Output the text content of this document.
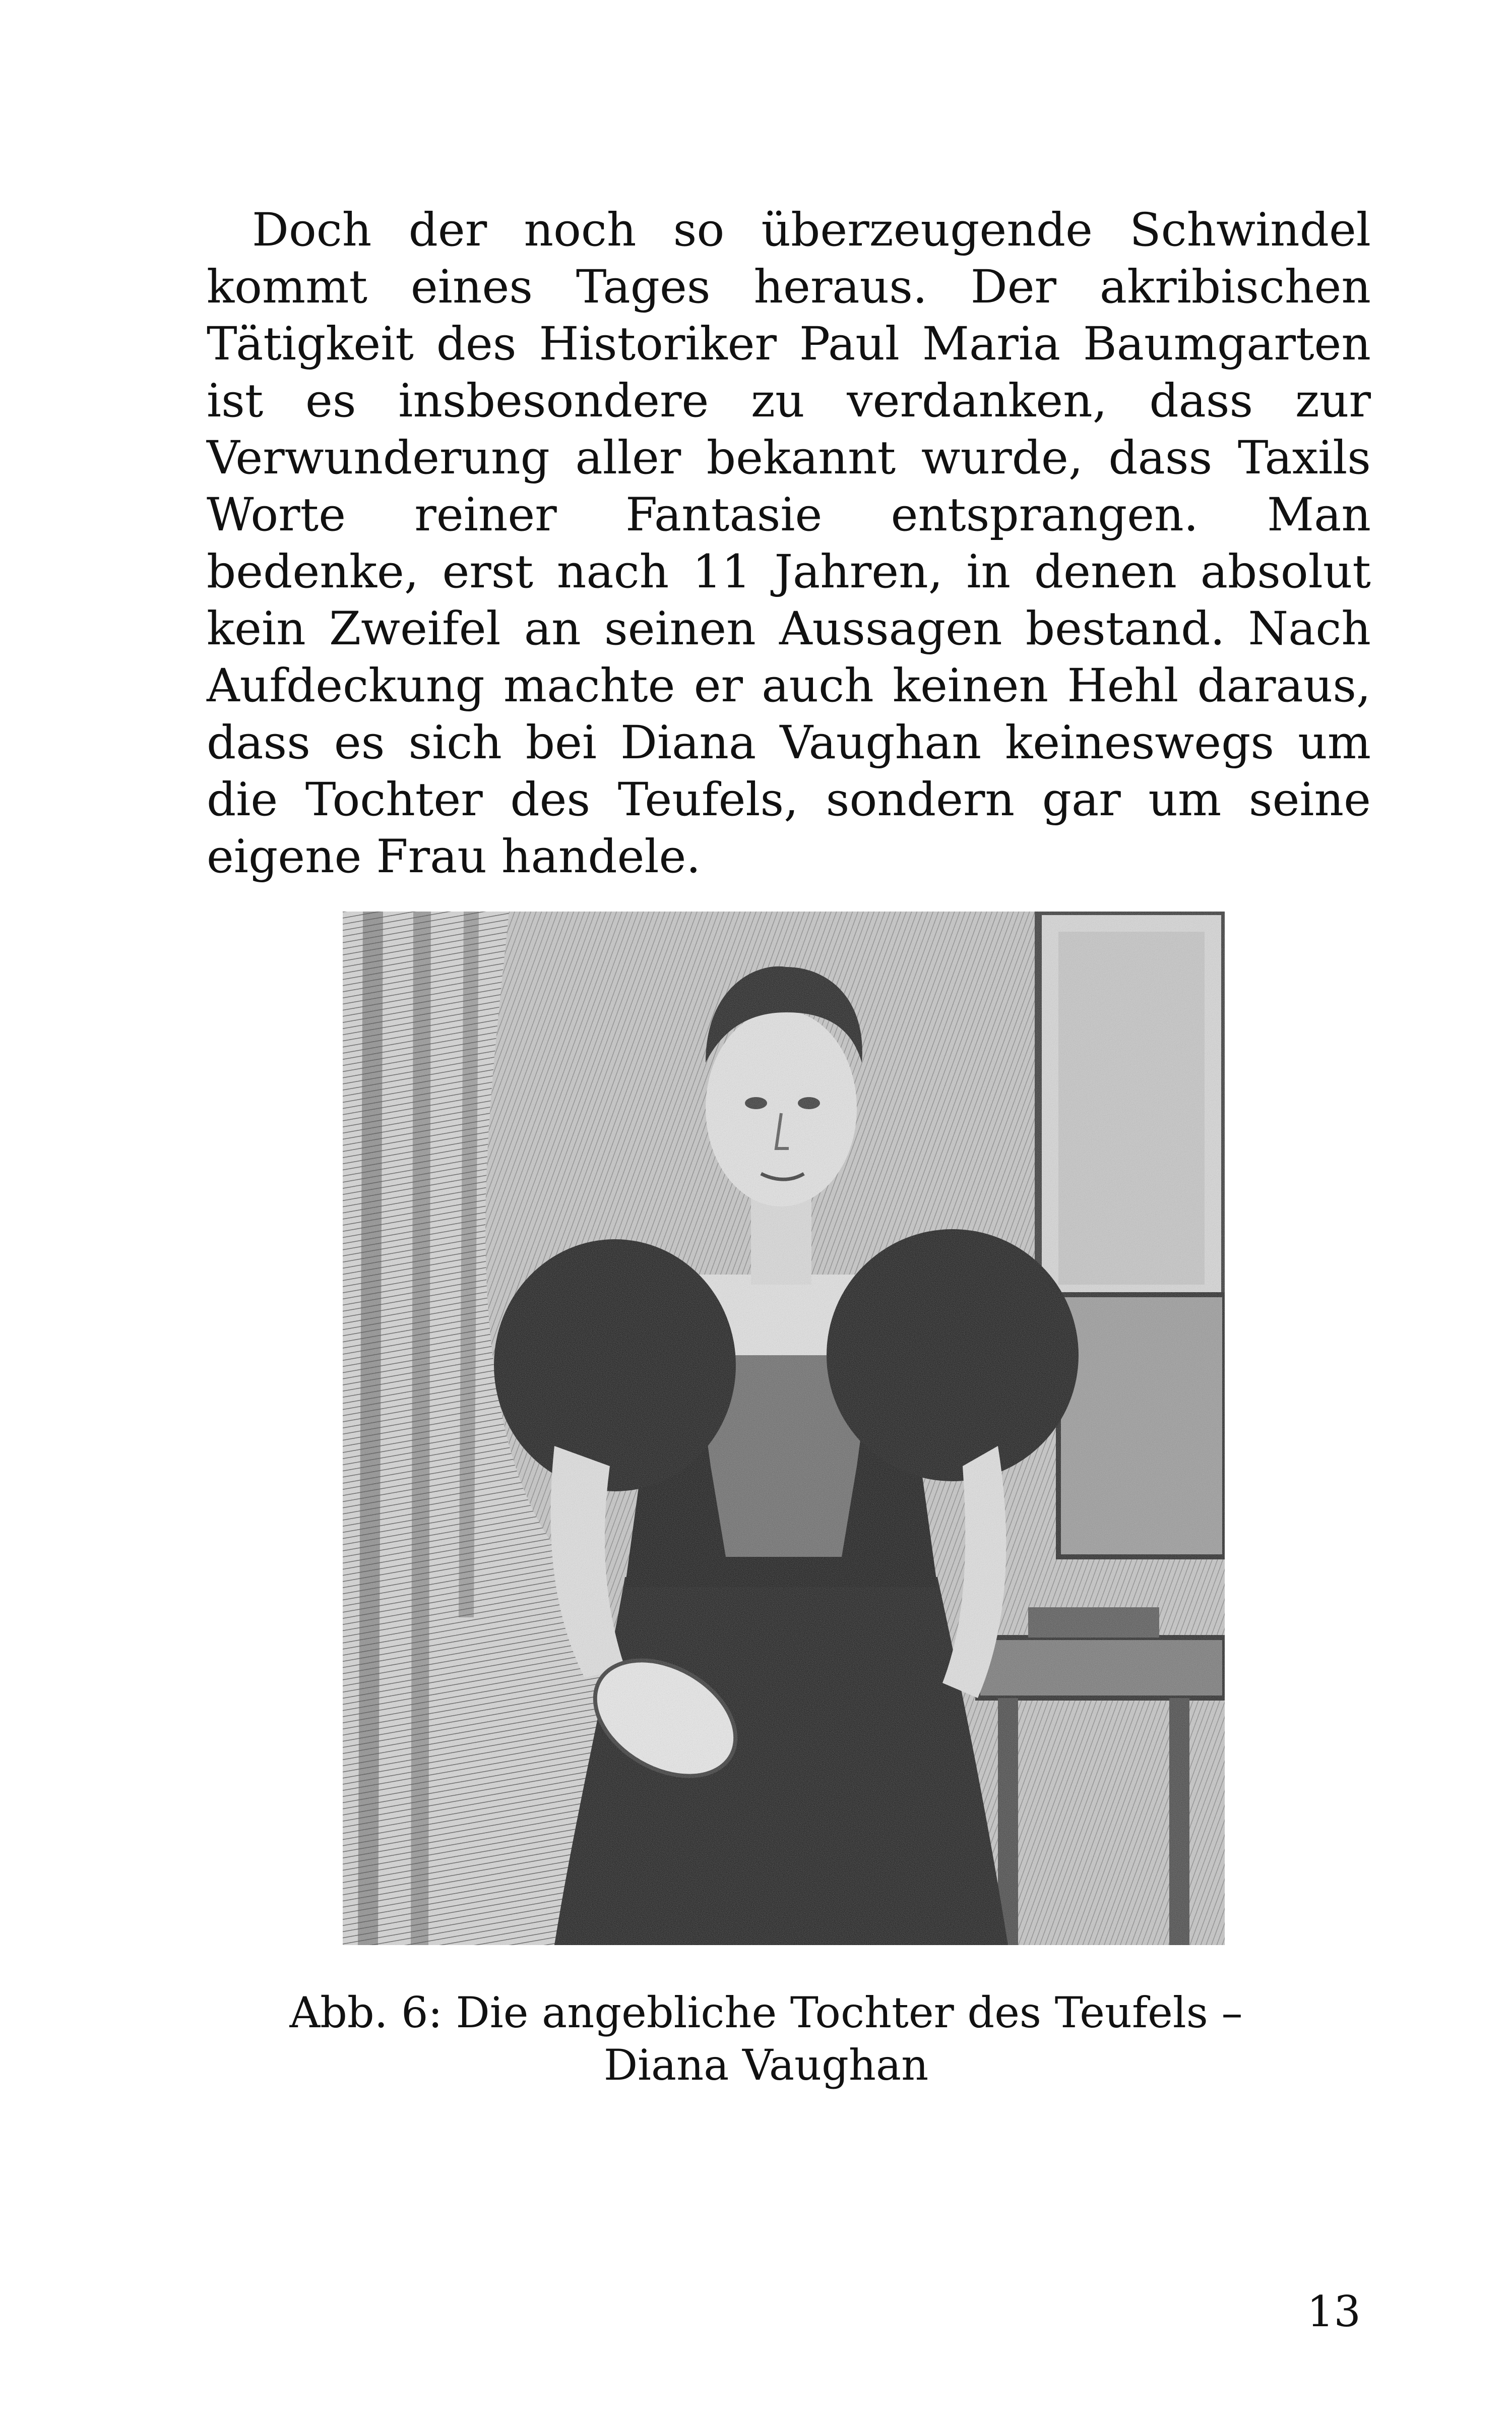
Doch der noch so überzeugende Schwindel kommt eines Tages heraus. Der akribischen Tätigkeit des Historiker Paul Maria Baumgarten ist es insbesondere zu verdanken, dass zur Verwunderung aller bekannt wurde, dass Taxils Worte reiner Fantasie entsprangen. Man bedenke, erst nach 11 Jahren, in denen absolut kein Zweifel an seinen Aussagen bestand. Nach Aufdeckung machte er auch keinen Hehl daraus, dass es sich bei Diana Vaughan keineswegs um die Tochter des Teufels, sondern gar um seine eigene Frau handele.

Abb. 6: Die angebliche Tochter des Teufels –
Diana Vaughan

13
